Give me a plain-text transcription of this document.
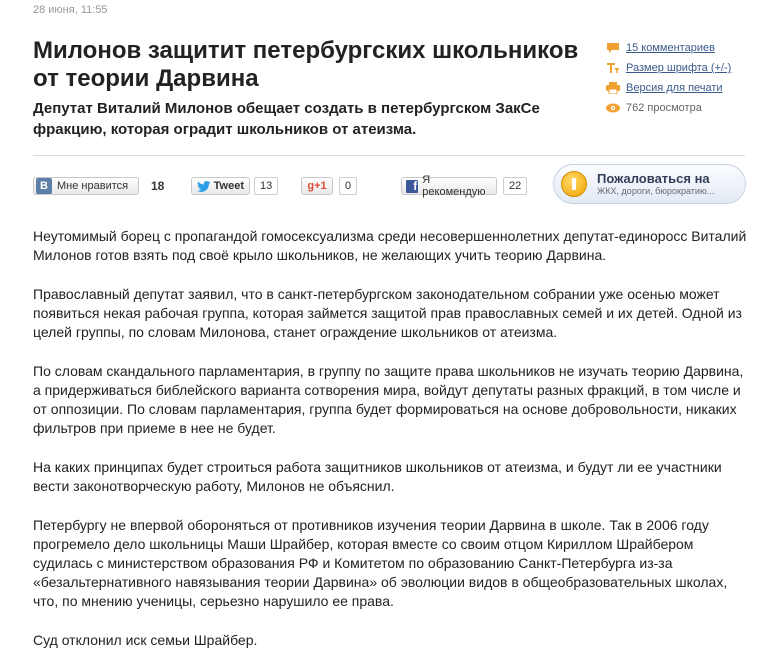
28 июня, 11:55
Милонов защитит петербургских школьников от теории Дарвина

Депутат Виталий Милонов обещает создать в петербургском ЗакСе фракцию, которая оградит школьников от атеизма.

15 комментариев
Размер шрифта (+/-)
Версия для печати
762 просмотра
B Мне нравится	18	Tweet	13	g +1	0	f Я рекомендую	22	Пожаловаться на
ЖКХ, дороги, бюрократию...

Неутомимый борец с пропагандой гомосексуализма среди несовершеннолетних депутат-единоросс Виталий Милонов готов взять под своё крыло школьников, не желающих учить теорию Дарвина.

Православный депутат заявил, что в санкт-петербургском законодательном собрании уже осенью может появиться некая рабочая группа, которая займется защитой прав православных семей и их детей. Одной из целей группы, по словам Милонова, станет ограждение школьников от атеизма.

По словам скандального парламентария, в группу по защите права школьников не изучать теорию Дарвина, а придерживаться библейского варианта сотворения мира, войдут депутаты разных фракций, в том числе и от оппозиции. По словам парламентария, группа будет формироваться на основе добровольности, никаких фильтров при приеме в нее не будет.

На каких принципах будет строиться работа защитников школьников от атеизма, и будут ли ее участники вести законотворческую работу, Милонов не объяснил.

Петербургу не впервой обороняться от противников изучения теории Дарвина в школе. Так в 2006 году прогремело дело школьницы Маши Шрайбер, которая вместе со своим отцом Кириллом Шрайбером судилась с министерством образования РФ и Комитетом по образованию Санкт-Петербурга из-за «безальтернативного навязывания теории Дарвина» об эволюции видов в общеобразовательных школах, что, по мнению ученицы, серьезно нарушило ее права.

Суд отклонил иск семьи Шрайбер.
